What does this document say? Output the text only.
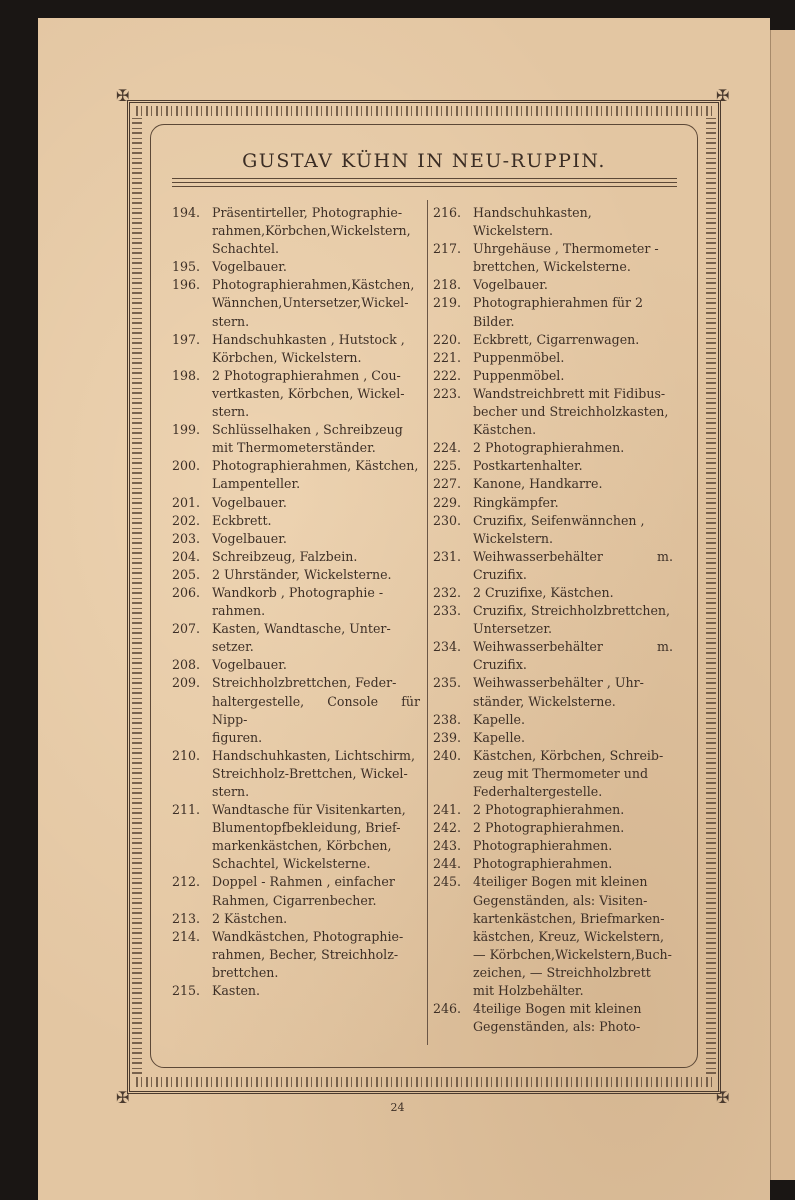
✠	✠
✠	✠
GUSTAV KÜHN IN NEU-RUPPIN.
194. Präsentirteller, Photographie-
rahmen,Körbchen,Wickelstern,
Schachtel.
195. Vogelbauer.
196. Photographierahmen,Kästchen,
Wännchen,Untersetzer,Wickel-
stern.
197. Handschuhkasten , Hutstock ,
Körbchen, Wickelstern.
198. 2 Photographierahmen , Cou-
vertkasten, Körbchen, Wickel-
stern.
199. Schlüsselhaken , Schreibzeug
mit Thermometerständer.
200. Photographierahmen, Kästchen,
Lampenteller.
201. Vogelbauer.
202. Eckbrett.
203. Vogelbauer.
204. Schreibzeug, Falzbein.
205. 2 Uhrständer, Wickelsterne.
206. Wandkorb , Photographie -
rahmen.
207. Kasten, Wandtasche, Unter-
setzer.
208. Vogelbauer.
209. Streichholzbrettchen, Feder-
haltergestelle, Console für Nipp-
figuren.
210. Handschuhkasten, Lichtschirm,
Streichholz-Brettchen, Wickel-
stern.
211. Wandtasche für Visitenkarten,
Blumentopfbekleidung, Brief-
markenkästchen, Körbchen,
Schachtel, Wickelsterne.
212. Doppel - Rahmen , einfacher
Rahmen, Cigarrenbecher.
213. 2 Kästchen.
214. Wandkästchen, Photographie-
rahmen, Becher, Streichholz-
brettchen.
215. Kasten.
216. Handschuhkasten, Wickelstern.
217. Uhrgehäuse , Thermometer -
brettchen, Wickelsterne.
218. Vogelbauer.
219. Photographierahmen für 2
Bilder.
220. Eckbrett, Cigarrenwagen.
221. Puppenmöbel.
222. Puppenmöbel.
223. Wandstreichbrett mit Fidibus-
becher und Streichholzkasten,
Kästchen.
224. 2 Photographierahmen.
225. Postkartenhalter.
227. Kanone, Handkarre.
229. Ringkämpfer.
230. Cruzifix, Seifenwännchen ,
Wickelstern.
231. Weihwasserbehälter m. Cruzifix.
232. 2 Cruzifixe, Kästchen.
233. Cruzifix, Streichholzbrettchen,
Untersetzer.
234. Weihwasserbehälter m. Cruzifix.
235. Weihwasserbehälter , Uhr-
ständer, Wickelsterne.
238. Kapelle.
239. Kapelle.
240. Kästchen, Körbchen, Schreib-
zeug mit Thermometer und
Federhaltergestelle.
241. 2 Photographierahmen.
242. 2 Photographierahmen.
243. Photographierahmen.
244. Photographierahmen.
245. 4teiliger Bogen mit kleinen
Gegenständen, als: Visiten-
kartenkästchen, Briefmarken-
kästchen, Kreuz, Wickelstern,
— Körbchen,Wickelstern,Buch-
zeichen, — Streichholzbrett
mit Holzbehälter.
246. 4teilige Bogen mit kleinen
Gegenständen, als: Photo-
24
